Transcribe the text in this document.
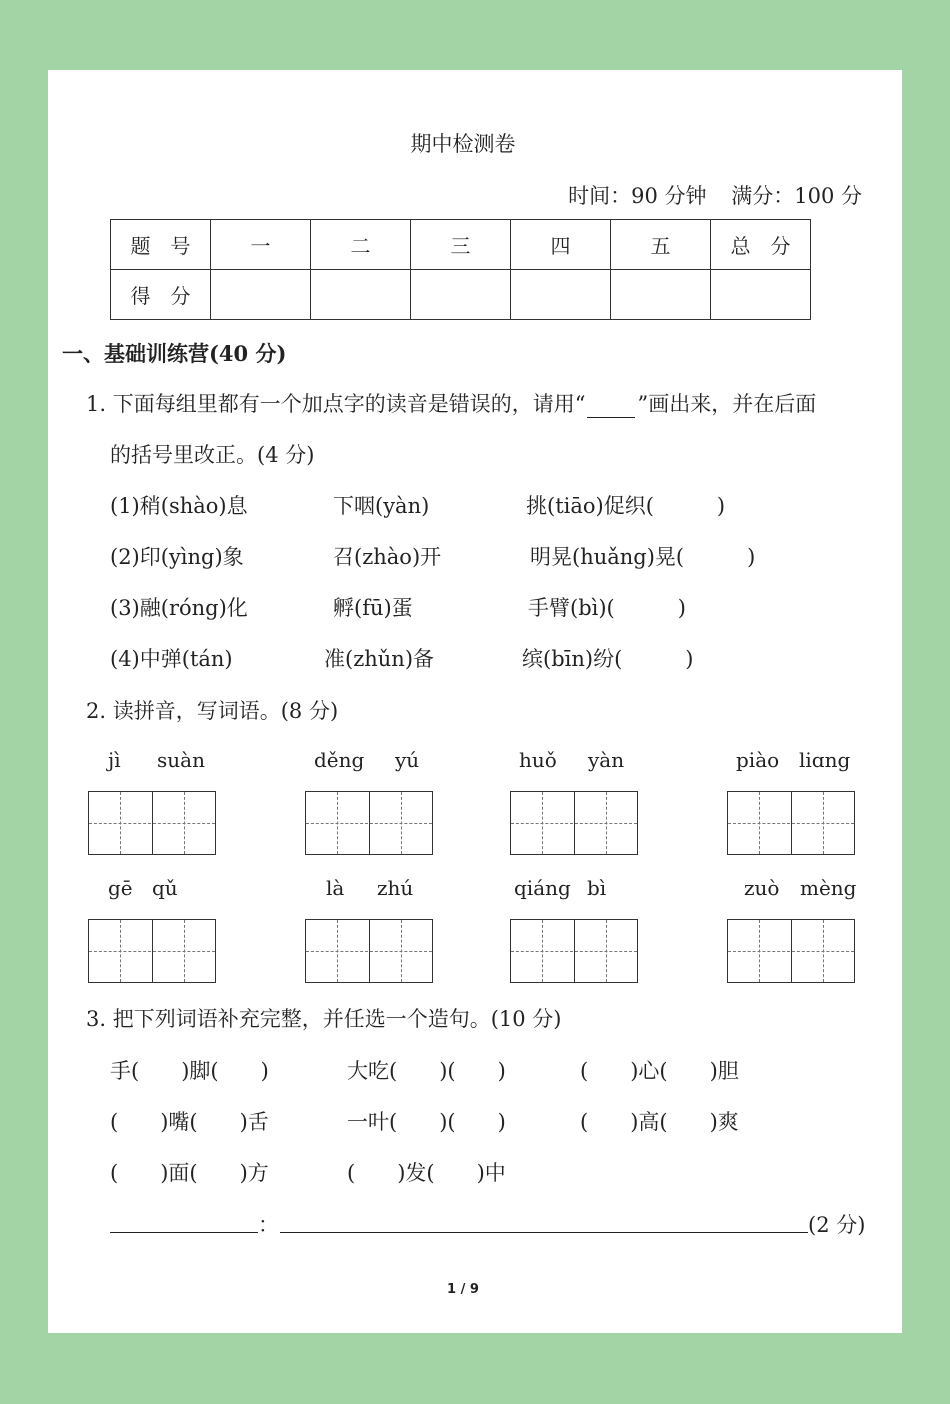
期中检测卷
时间：90 分钟 满分：100 分
题　号	一	二	三	四	五	总　分
得　分						
一、基础训练营(40 分)
1. 下面每组里都有一个加点字的读音是错误的，请用“ ”画出来，并在后面
的括号里改正。(4 分)
(1)稍(shào)息	下咽(yàn)	挑(tiāo)促织(　　　)
(2)印(yìng)象	召(zhào)开	明晃(huǎng)晃(　　　)
(3)融(róng)化	孵(fū)蛋	手臂(bì)(　　　)
(4)中弹(tán)	准(zhǔn)备	缤(bīn)纷(　　　)
2. 读拼音，写词语。(8 分)
jì suàn	děng yú	huǒ yàn	piào liɑng
gē qǔ	là zhú	qiáng bì	zuò mèng
3. 把下列词语补充完整，并任选一个造句。(10 分)
手(　　)脚(　　)	大吃(　　)(　　)	(　　)心(　　)胆
(　　)嘴(　　)舌	一叶(　　)(　　)	(　　)高(　　)爽
(　　)面(　　)方	(　　)发(　　)中
：	(2 分)
1 / 9
